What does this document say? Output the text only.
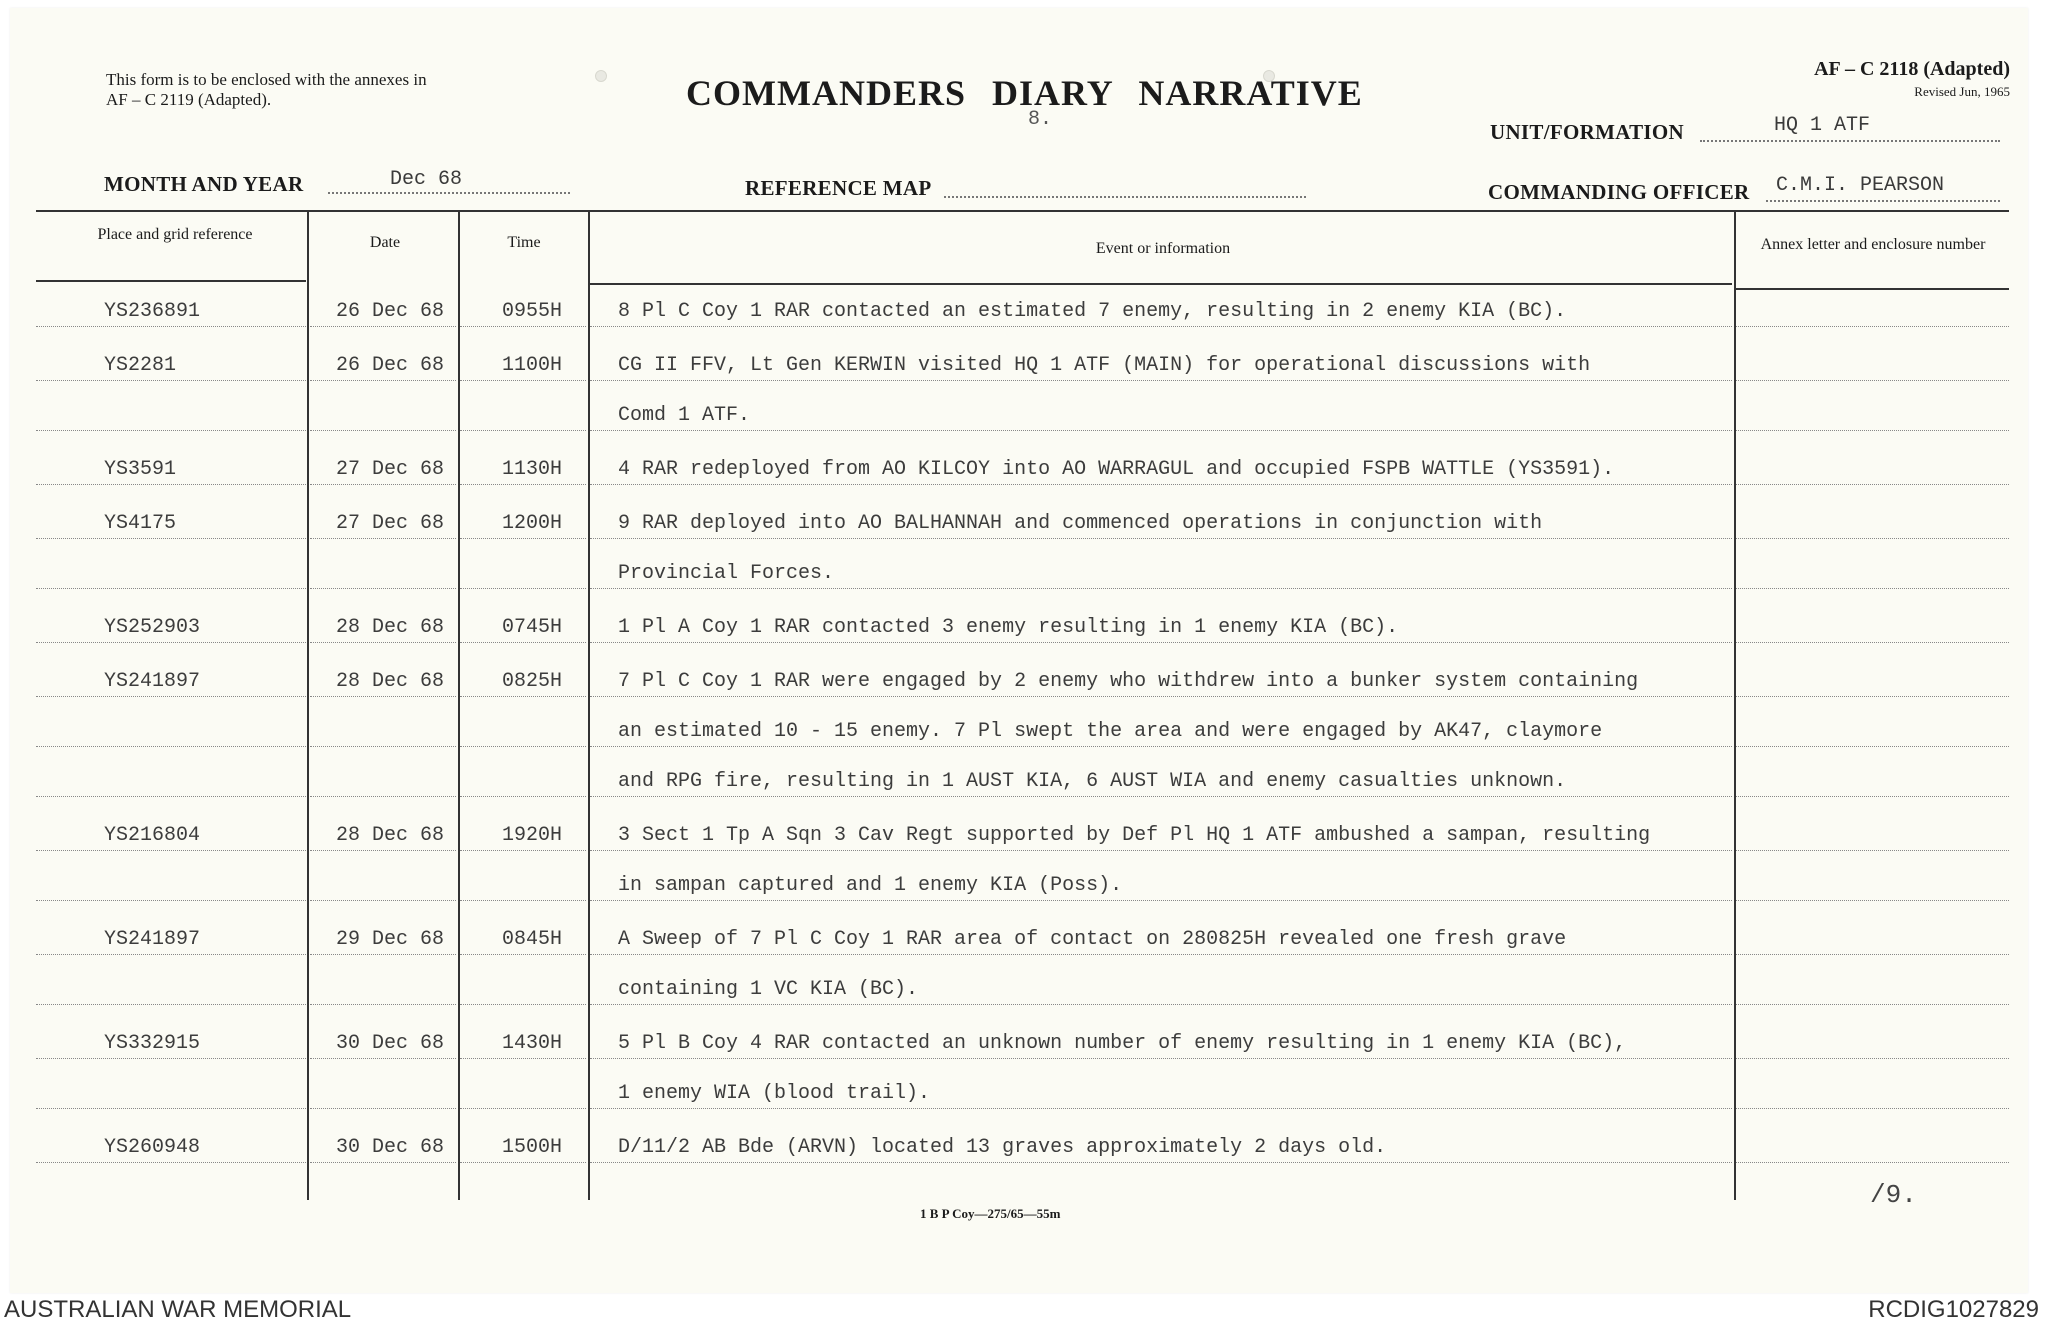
This form is to be enclosed with the annexes in AF – C 2119 (Adapted).	COMMANDERS DIARY NARRATIVE
8.
AF – C 2118 (Adapted)
Revised Jun, 1965
UNIT/FORMATION	HQ 1 ATF
MONTH AND YEAR	Dec 68	REFERENCE MAP	COMMANDING OFFICER C.M.I. PEARSON
Place and grid reference	Date	Time	Event or information	Annex letter and enclosure number
YS236891	26 Dec 68	0955H	8 Pl C Coy 1 RAR contacted an estimated 7 enemy, resulting in 2 enemy KIA (BC).
YS2281	26 Dec 68	1100H	CG II FFV, Lt Gen KERWIN visited HQ 1 ATF (MAIN) for operational discussions with
Comd 1 ATF.
YS3591	27 Dec 68	1130H	4 RAR redeployed from AO KILCOY into AO WARRAGUL and occupied FSPB WATTLE (YS3591).
YS4175	27 Dec 68	1200H	9 RAR deployed into AO BALHANNAH and commenced operations in conjunction with
Provincial Forces.
YS252903	28 Dec 68	0745H	1 Pl A Coy 1 RAR contacted 3 enemy resulting in 1 enemy KIA (BC).
YS241897	28 Dec 68	0825H	7 Pl C Coy 1 RAR were engaged by 2 enemy who withdrew into a bunker system containing
an estimated 10 - 15 enemy. 7 Pl swept the area and were engaged by AK47, claymore
and RPG fire, resulting in 1 AUST KIA, 6 AUST WIA and enemy casualties unknown.
YS216804	28 Dec 68	1920H	3 Sect 1 Tp A Sqn 3 Cav Regt supported by Def Pl HQ 1 ATF ambushed a sampan, resulting
in sampan captured and 1 enemy KIA (Poss).
YS241897	29 Dec 68	0845H	A Sweep of 7 Pl C Coy 1 RAR area of contact on 280825H revealed one fresh grave
containing 1 VC KIA (BC).
YS332915	30 Dec 68	1430H	5 Pl B Coy 4 RAR contacted an unknown number of enemy resulting in 1 enemy KIA (BC),
1 enemy WIA (blood trail).
YS260948	30 Dec 68	1500H	D/11/2 AB Bde (ARVN) located 13 graves approximately 2 days old.
1 B P Coy—275/65—55m
/9.
AUSTRALIAN WAR MEMORIAL	RCDIG1027829
